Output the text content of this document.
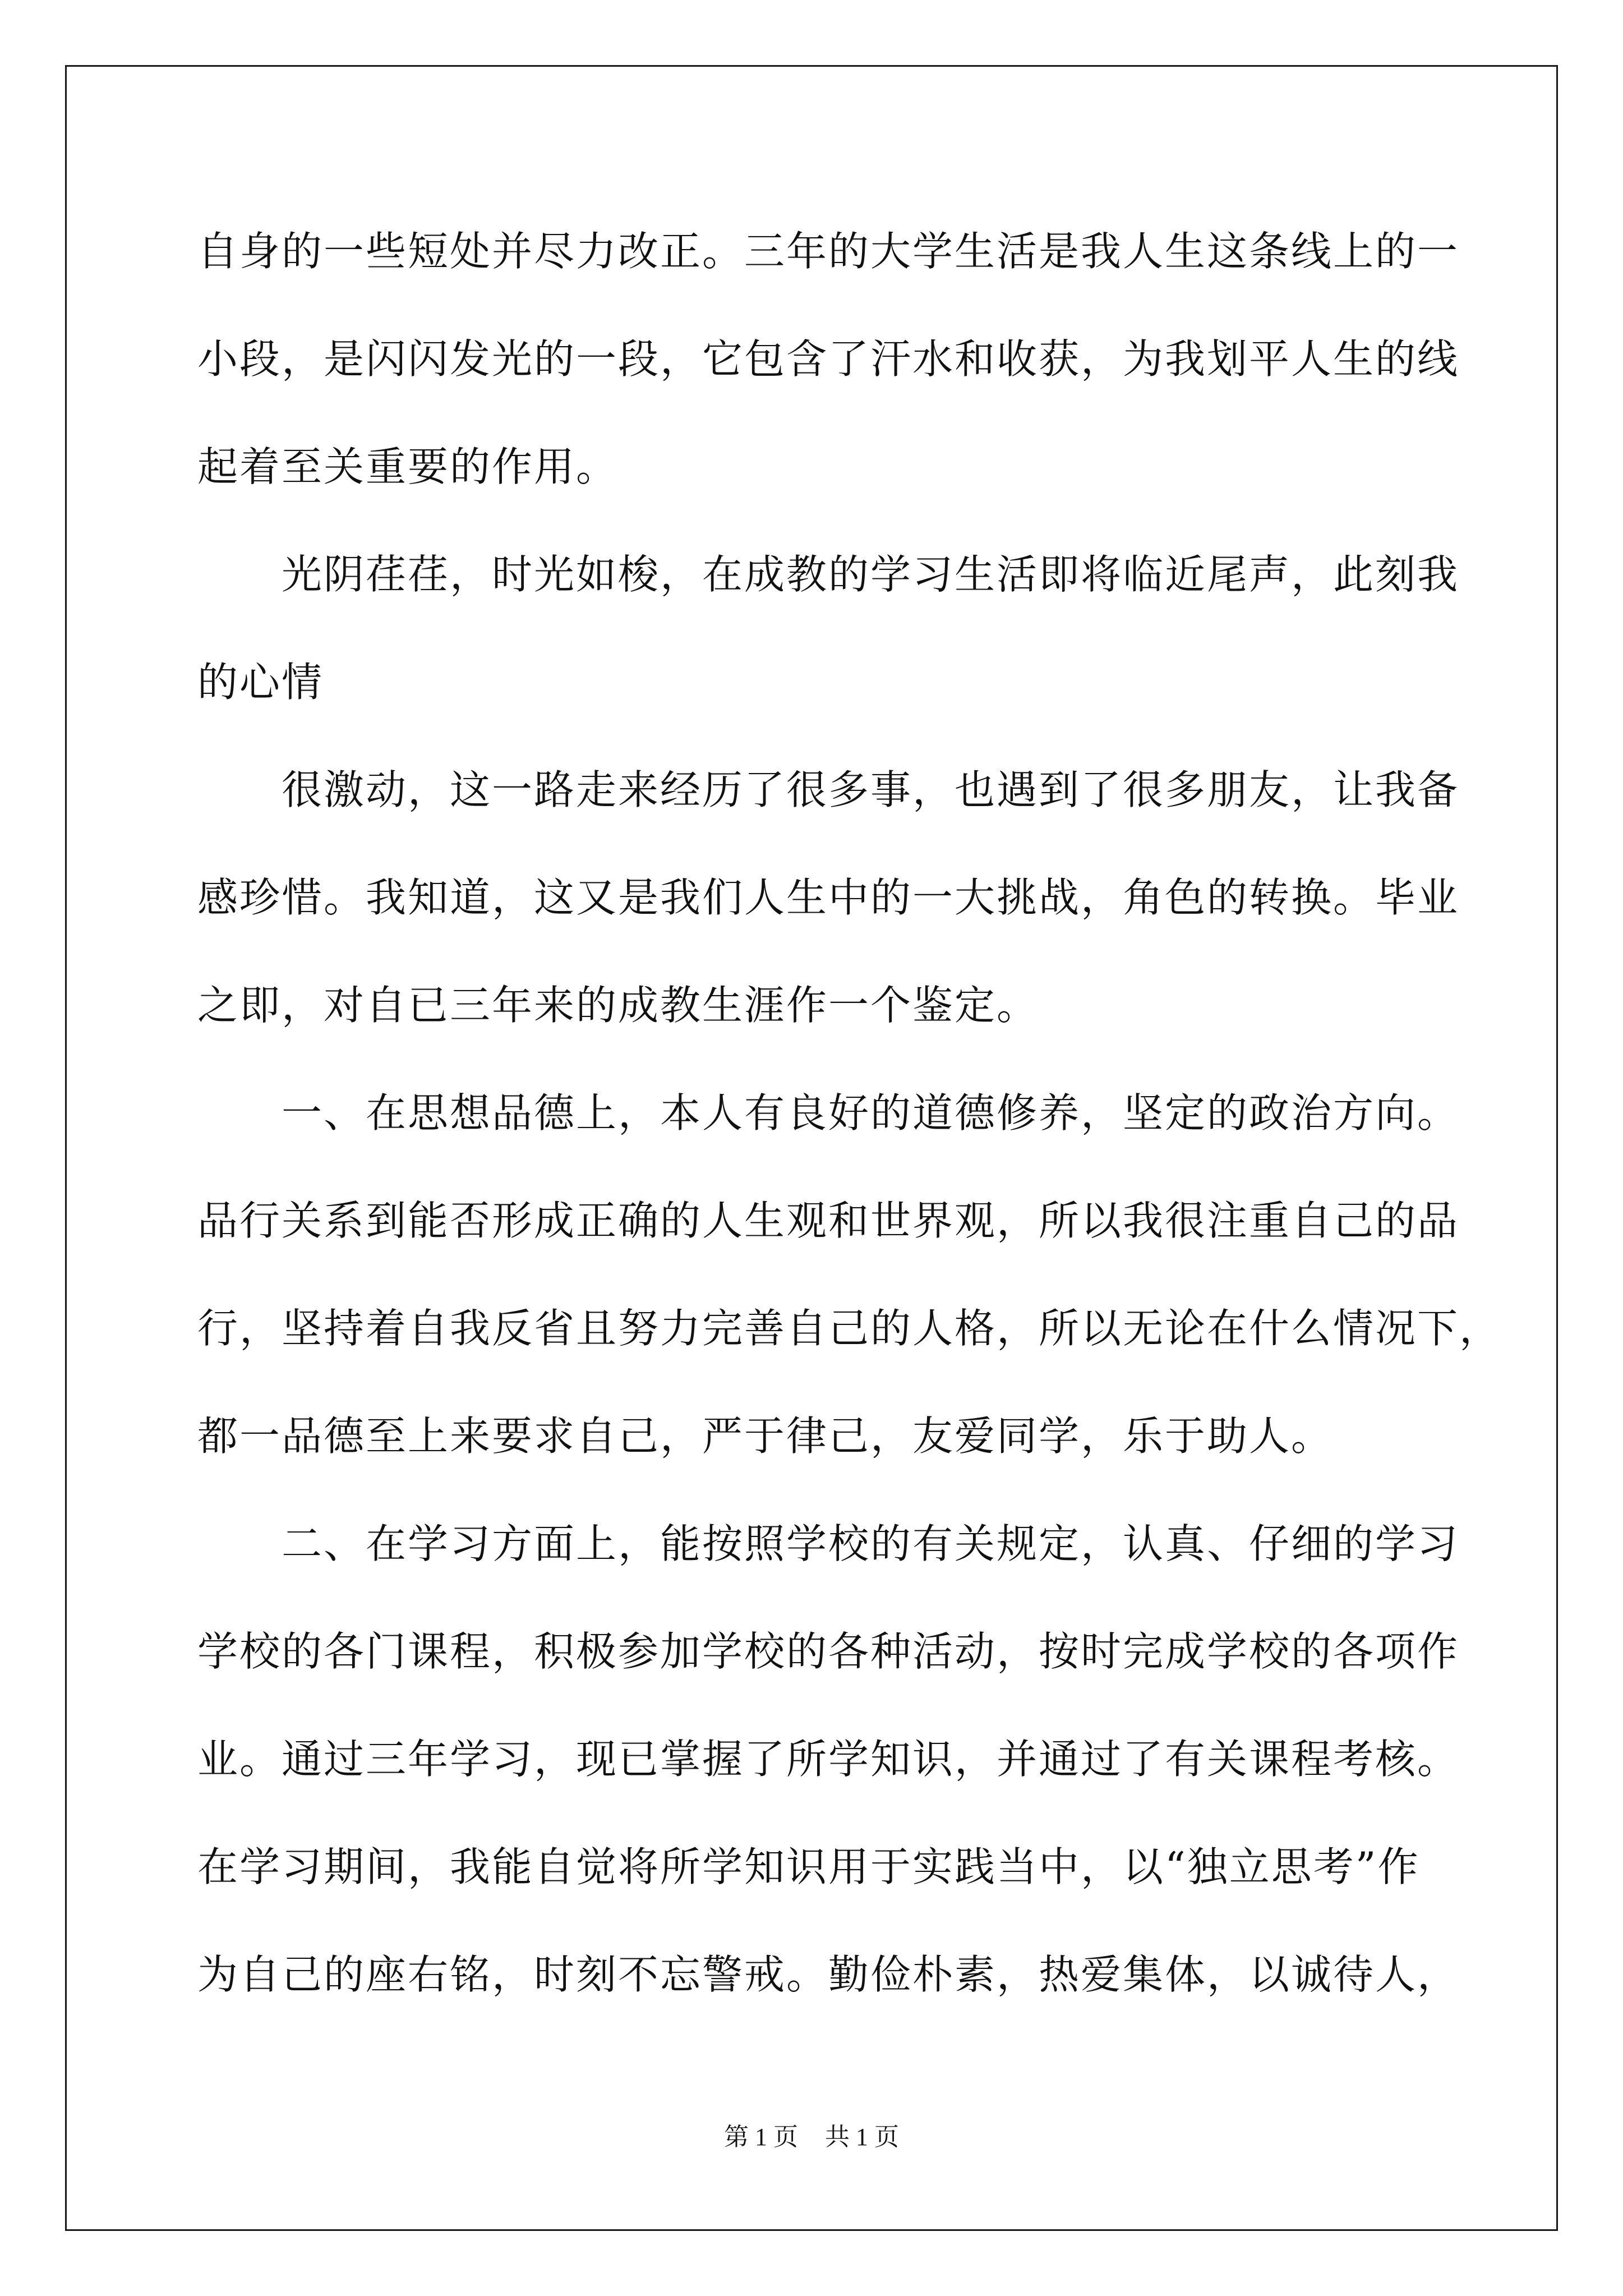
自身的一些短处并尽力改正。三年的大学生活是我人生这条线上的一
小段，是闪闪发光的一段，它包含了汗水和收获，为我划平人生的线
起着至关重要的作用。
　　光阴荏荏，时光如梭，在成教的学习生活即将临近尾声，此刻我
的心情
　　很激动，这一路走来经历了很多事，也遇到了很多朋友，让我备
感珍惜。我知道，这又是我们人生中的一大挑战，角色的转换。毕业
之即，对自已三年来的成教生涯作一个鉴定。
　　一、在思想品德上，本人有良好的道德修养，坚定的政治方向。
品行关系到能否形成正确的人生观和世界观，所以我很注重自己的品
行，坚持着自我反省且努力完善自己的人格，所以无论在什么情况下，
都一品德至上来要求自己，严于律己，友爱同学，乐于助人。
　　二、在学习方面上，能按照学校的有关规定，认真、仔细的学习
学校的各门课程，积极参加学校的各种活动，按时完成学校的各项作
业。通过三年学习，现已掌握了所学知识，并通过了有关课程考核。
在学习期间，我能自觉将所学知识用于实践当中，以“独立思考”作
为自己的座右铭，时刻不忘警戒。勤俭朴素，热爱集体，以诚待人，
第 1 页 共 1 页
